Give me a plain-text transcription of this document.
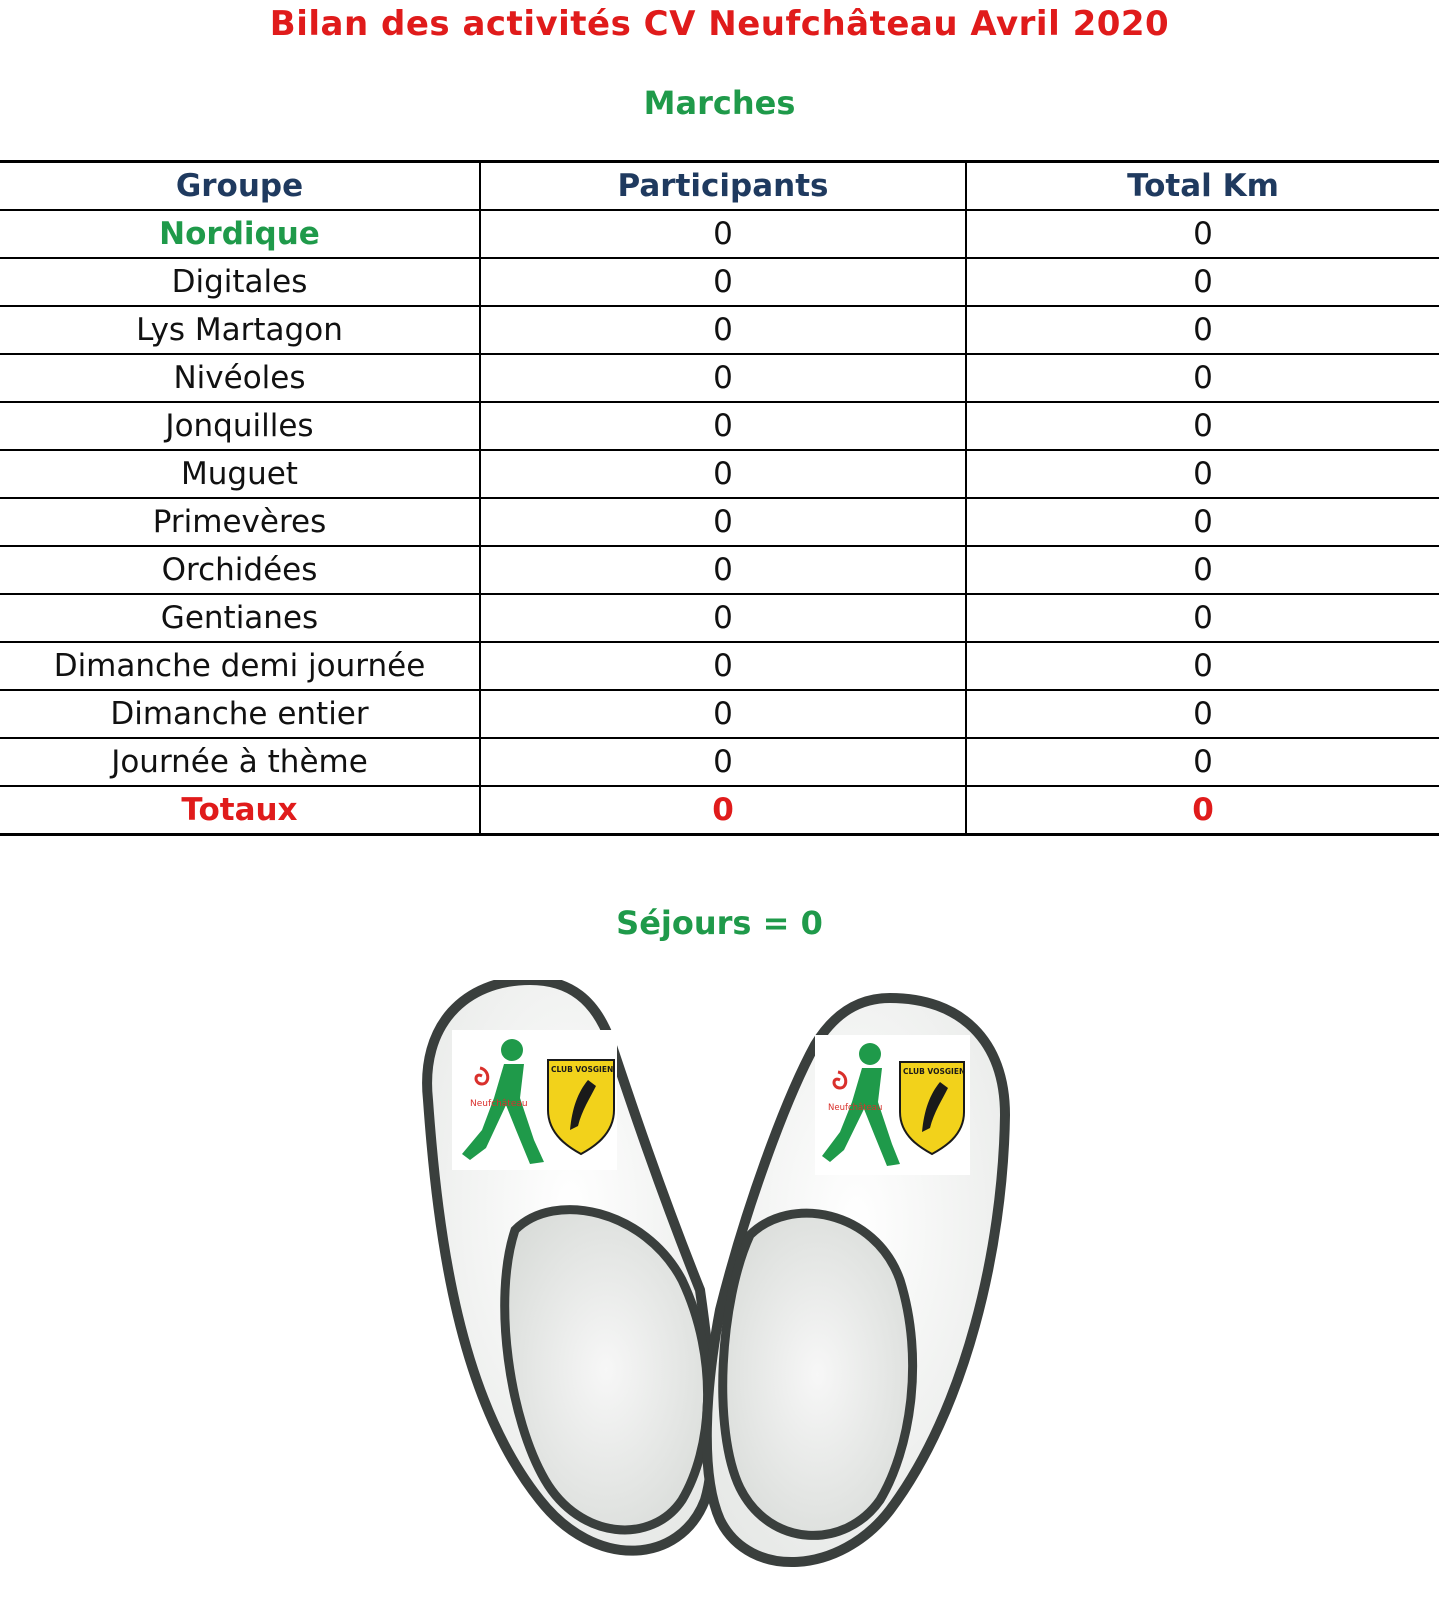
Bilan des activités CV Neufchâteau Avril 2020
Marches
Groupe	Participants	Total Km
Nordique	0	0
Digitales	0	0
Lys Martagon	0	0
Nivéoles	0	0
Jonquilles	0	0
Muguet	0	0
Primevères	0	0
Orchidées	0	0
Gentianes	0	0
Dimanche demi journée	0	0
Dimanche entier	0	0
Journée à thème	0	0
Totaux	0	0
Séjours = 0
Neufchâteau
CLUB VOSGIEN
Neufchâteau
CLUB VOSGIEN
